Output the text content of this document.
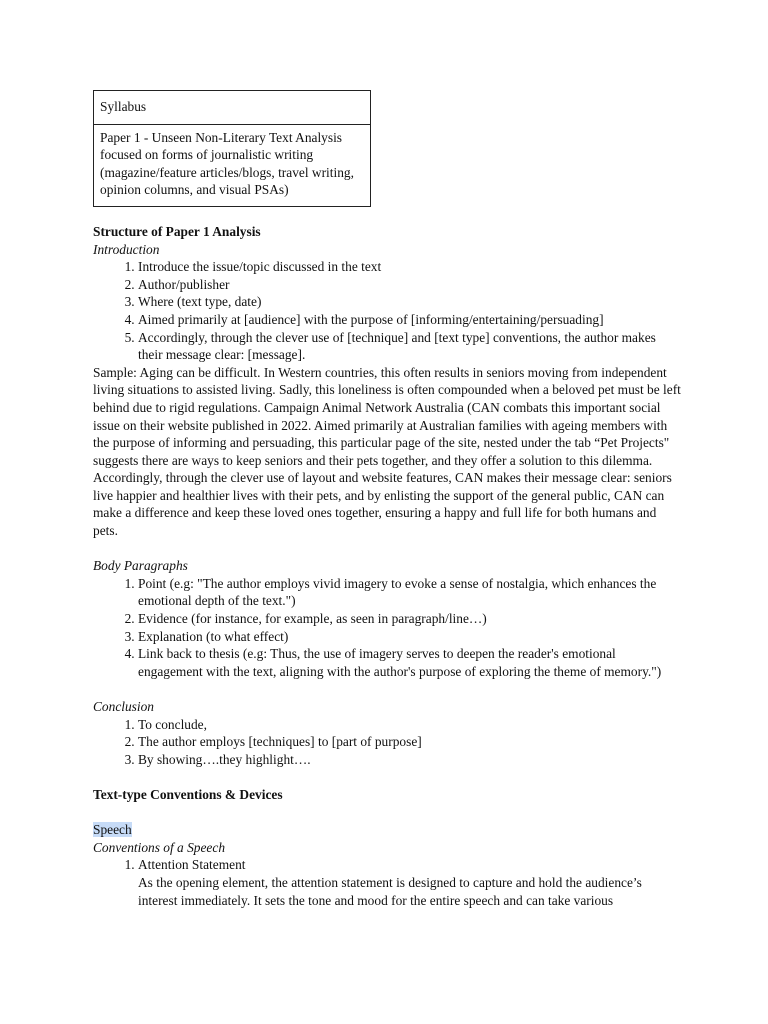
Syllabus
Paper 1 - Unseen Non-Literary Text Analysis focused on forms of journalistic writing (magazine/feature articles/blogs, travel writing, opinion columns, and visual PSAs)

Structure of Paper 1 Analysis

Introduction

1. Introduce the issue/topic discussed in the text
2. Author/publisher
3. Where (text type, date)
4. Aimed primarily at [audience] with the purpose of [informing/entertaining/persuading]
5. Accordingly, through the clever use of [technique] and [text type] conventions, the author makes their message clear: [message].

Sample: Aging can be difficult. In Western countries, this often results in seniors moving from independent living situations to assisted living. Sadly, this loneliness is often compounded when a beloved pet must be left behind due to rigid regulations. Campaign Animal Network Australia (CAN combats this important social issue on their website published in 2022. Aimed primarily at Australian families with ageing members with the purpose of informing and persuading, this particular page of the site, nested under the tab “Pet Projects" suggests there are ways to keep seniors and their pets together, and they offer a solution to this dilemma. Accordingly, through the clever use of layout and website features, CAN makes their message clear: seniors live happier and healthier lives with their pets, and by enlisting the support of the general public, CAN can make a difference and keep these loved ones together, ensuring a happy and full life for both humans and pets.

Body Paragraphs

1. Point (e.g: "The author employs vivid imagery to evoke a sense of nostalgia, which enhances the emotional depth of the text.")
2. Evidence (for instance, for example, as seen in paragraph/line…)
3. Explanation (to what effect)
4. Link back to thesis (e.g: Thus, the use of imagery serves to deepen the reader's emotional engagement with the text, aligning with the author's purpose of exploring the theme of memory.")

Conclusion

1. To conclude,
2. The author employs [techniques] to [part of purpose]
3. By showing….they highlight….

Text-type Conventions & Devices

Speech

Conventions of a Speech

1. Attention Statement
As the opening element, the attention statement is designed to capture and hold the audience’s interest immediately. It sets the tone and mood for the entire speech and can take various
